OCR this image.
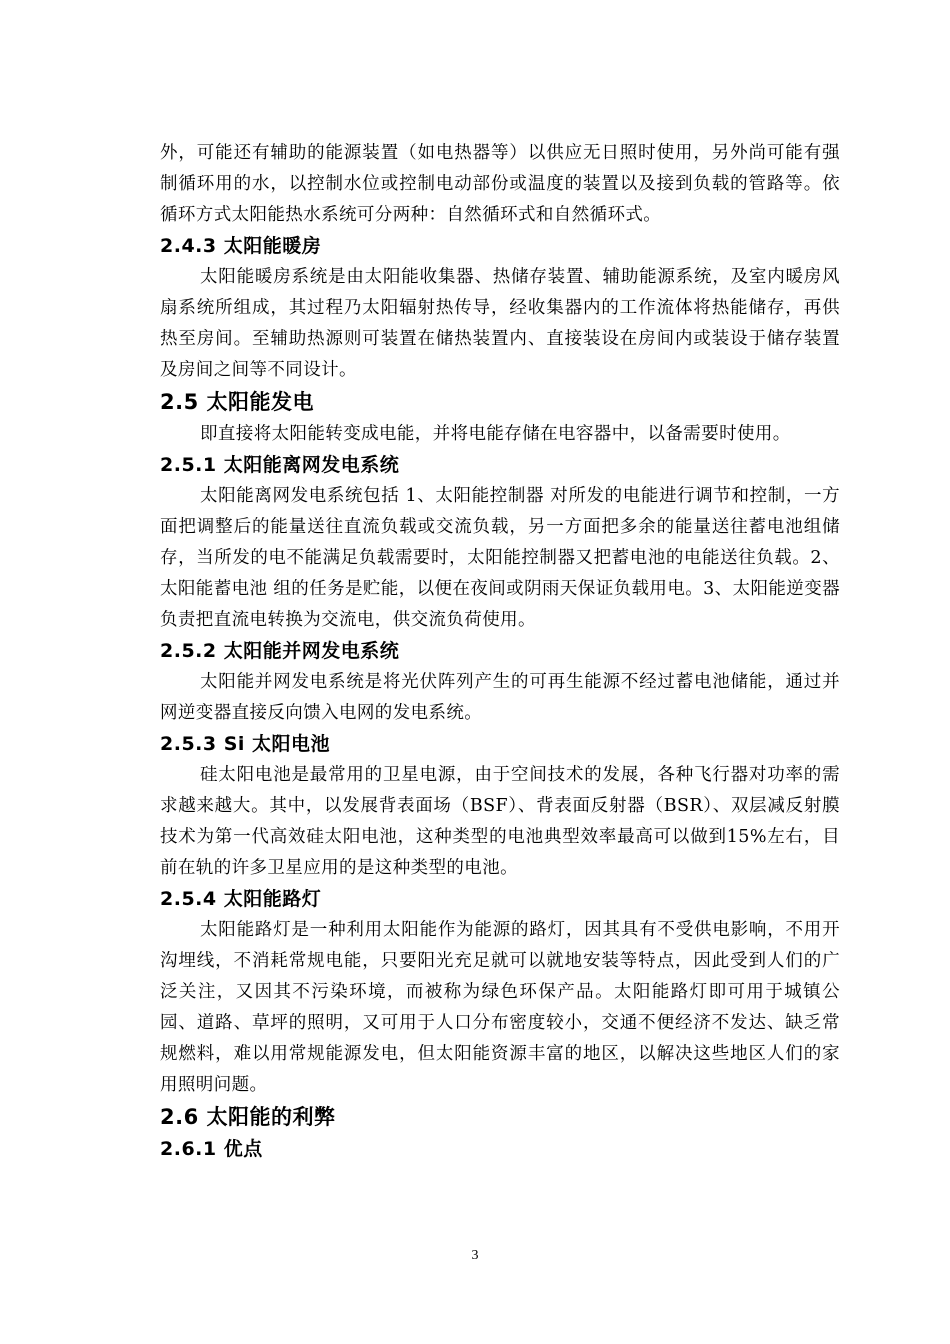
外，可能还有辅助的能源装置（如电热器等）以供应无日照时使用，另外尚可能有强制循环用的水，以控制水位或控制电动部份或温度的装置以及接到负载的管路等。依循环方式太阳能热水系统可分两种：自然循环式和自然循环式。

2.4.3 太阳能暖房

太阳能暖房系统是由太阳能收集器、热储存装置、辅助能源系统，及室内暖房风扇系统所组成，其过程乃太阳辐射热传导，经收集器内的工作流体将热能储存，再供热至房间。至辅助热源则可装置在储热装置内、直接装设在房间内或装设于储存装置及房间之间等不同设计。

2.5 太阳能发电

即直接将太阳能转变成电能，并将电能存储在电容器中，以备需要时使用。

2.5.1 太阳能离网发电系统

太阳能离网发电系统包括 1、太阳能控制器 对所发的电能进行调节和控制，一方面把调整后的能量送往直流负载或交流负载，另一方面把多余的能量送往蓄电池组储存，当所发的电不能满足负载需要时，太阳能控制器又把蓄电池的电能送往负载。2、太阳能蓄电池 组的任务是贮能，以便在夜间或阴雨天保证负载用电。3、太阳能逆变器 负责把直流电转换为交流电，供交流负荷使用。

2.5.2 太阳能并网发电系统

太阳能并网发电系统是将光伏阵列产生的可再生能源不经过蓄电池储能，通过并网逆变器直接反向馈入电网的发电系统。

2.5.3 Si 太阳电池

硅太阳电池是最常用的卫星电源，由于空间技术的发展，各种飞行器对功率的需求越来越大。其中，以发展背表面场（BSF）、背表面反射器（BSR）、双层减反射膜技术为第一代高效硅太阳电池，这种类型的电池典型效率最高可以做到15%左右，目前在轨的许多卫星应用的是这种类型的电池。

2.5.4 太阳能路灯

太阳能路灯是一种利用太阳能作为能源的路灯，因其具有不受供电影响，不用开沟埋线，不消耗常规电能，只要阳光充足就可以就地安装等特点，因此受到人们的广泛关注，又因其不污染环境，而被称为绿色环保产品。太阳能路灯即可用于城镇公园、道路、草坪的照明，又可用于人口分布密度较小，交通不便经济不发达、缺乏常规燃料，难以用常规能源发电，但太阳能资源丰富的地区，以解决这些地区人们的家用照明问题。

2.6 太阳能的利弊
2.6.1 优点
3
